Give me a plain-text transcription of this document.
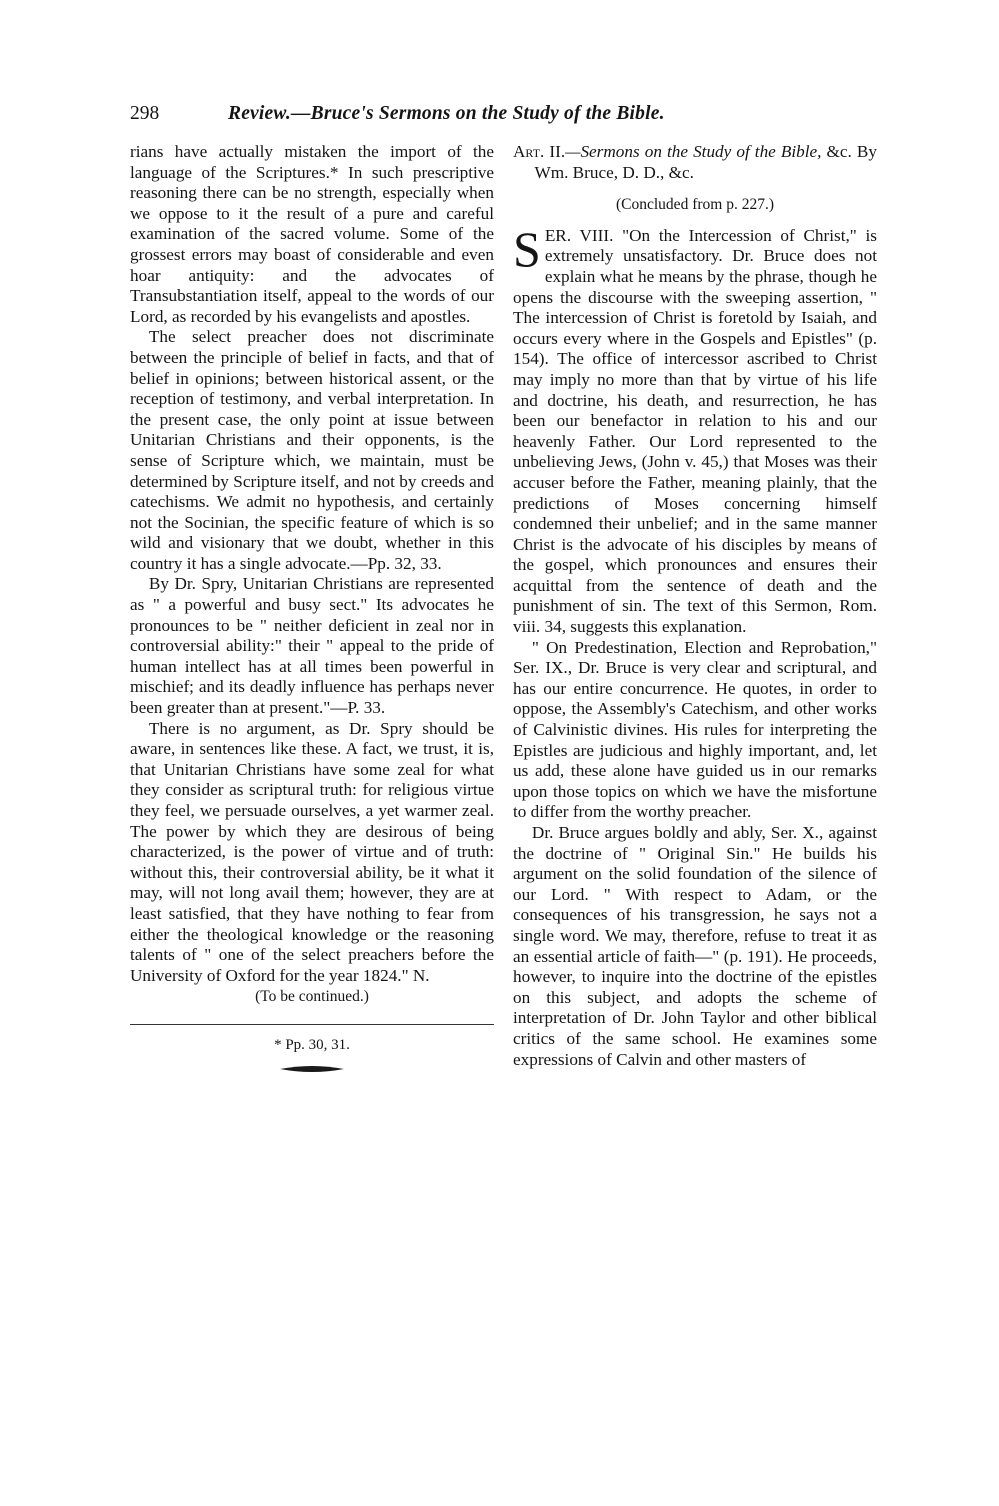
298	Review.—Bruce's Sermons on the Study of the Bible.

rians have actually mistaken the import of the language of the Scriptures.* In such prescriptive reasoning there can be no strength, especially when we oppose to it the result of a pure and careful examination of the sacred volume. Some of the grossest errors may boast of considerable and even hoar antiquity: and the advocates of Transubstantiation itself, appeal to the words of our Lord, as recorded by his evangelists and apostles.

The select preacher does not discriminate between the principle of belief in facts, and that of belief in opinions; between historical assent, or the reception of testimony, and verbal interpretation. In the present case, the only point at issue between Unitarian Christians and their opponents, is the sense of Scripture which, we maintain, must be determined by Scripture itself, and not by creeds and catechisms. We admit no hypothesis, and certainly not the Socinian, the specific feature of which is so wild and visionary that we doubt, whether in this country it has a single advocate.—Pp. 32, 33.

By Dr. Spry, Unitarian Christians are represented as " a powerful and busy sect." Its advocates he pronounces to be " neither deficient in zeal nor in controversial ability:" their " appeal to the pride of human intellect has at all times been powerful in mischief; and its deadly influence has perhaps never been greater than at present."—P. 33.

There is no argument, as Dr. Spry should be aware, in sentences like these. A fact, we trust, it is, that Unitarian Christians have some zeal for what they consider as scriptural truth: for religious virtue they feel, we persuade ourselves, a yet warmer zeal. The power by which they are desirous of being characterized, is the power of virtue and of truth: without this, their controversial ability, be it what it may, will not long avail them; however, they are at least satisfied, that they have nothing to fear from either the theological knowledge or the reasoning talents of " one of the select preachers before the University of Oxford for the year 1824." N.

(To be continued.)
* Pp. 30, 31.

Art. II.—Sermons on the Study of the Bible, &c. By Wm. Bruce, D. D., &c.

(Concluded from p. 227.)

SER. VIII. "On the Intercession of Christ," is extremely unsatisfactory. Dr. Bruce does not explain what he means by the phrase, though he opens the discourse with the sweeping assertion, " The intercession of Christ is foretold by Isaiah, and occurs every where in the Gospels and Epistles" (p. 154). The office of intercessor ascribed to Christ may imply no more than that by virtue of his life and doctrine, his death, and resurrection, he has been our benefactor in relation to his and our heavenly Father. Our Lord represented to the unbelieving Jews, (John v. 45,) that Moses was their accuser before the Father, meaning plainly, that the predictions of Moses concerning himself condemned their unbelief; and in the same manner Christ is the advocate of his disciples by means of the gospel, which pronounces and ensures their acquittal from the sentence of death and the punishment of sin. The text of this Sermon, Rom. viii. 34, suggests this explanation.

" On Predestination, Election and Reprobation," Ser. IX., Dr. Bruce is very clear and scriptural, and has our entire concurrence. He quotes, in order to oppose, the Assembly's Catechism, and other works of Calvinistic divines. His rules for interpreting the Epistles are judicious and highly important, and, let us add, these alone have guided us in our remarks upon those topics on which we have the misfortune to differ from the worthy preacher.

Dr. Bruce argues boldly and ably, Ser. X., against the doctrine of " Original Sin." He builds his argument on the solid foundation of the silence of our Lord. " With respect to Adam, or the consequences of his transgression, he says not a single word. We may, therefore, refuse to treat it as an essential article of faith—" (p. 191). He proceeds, however, to inquire into the doctrine of the epistles on this subject, and adopts the scheme of interpretation of Dr. John Taylor and other biblical critics of the same school. He examines some expressions of Calvin and other masters of
